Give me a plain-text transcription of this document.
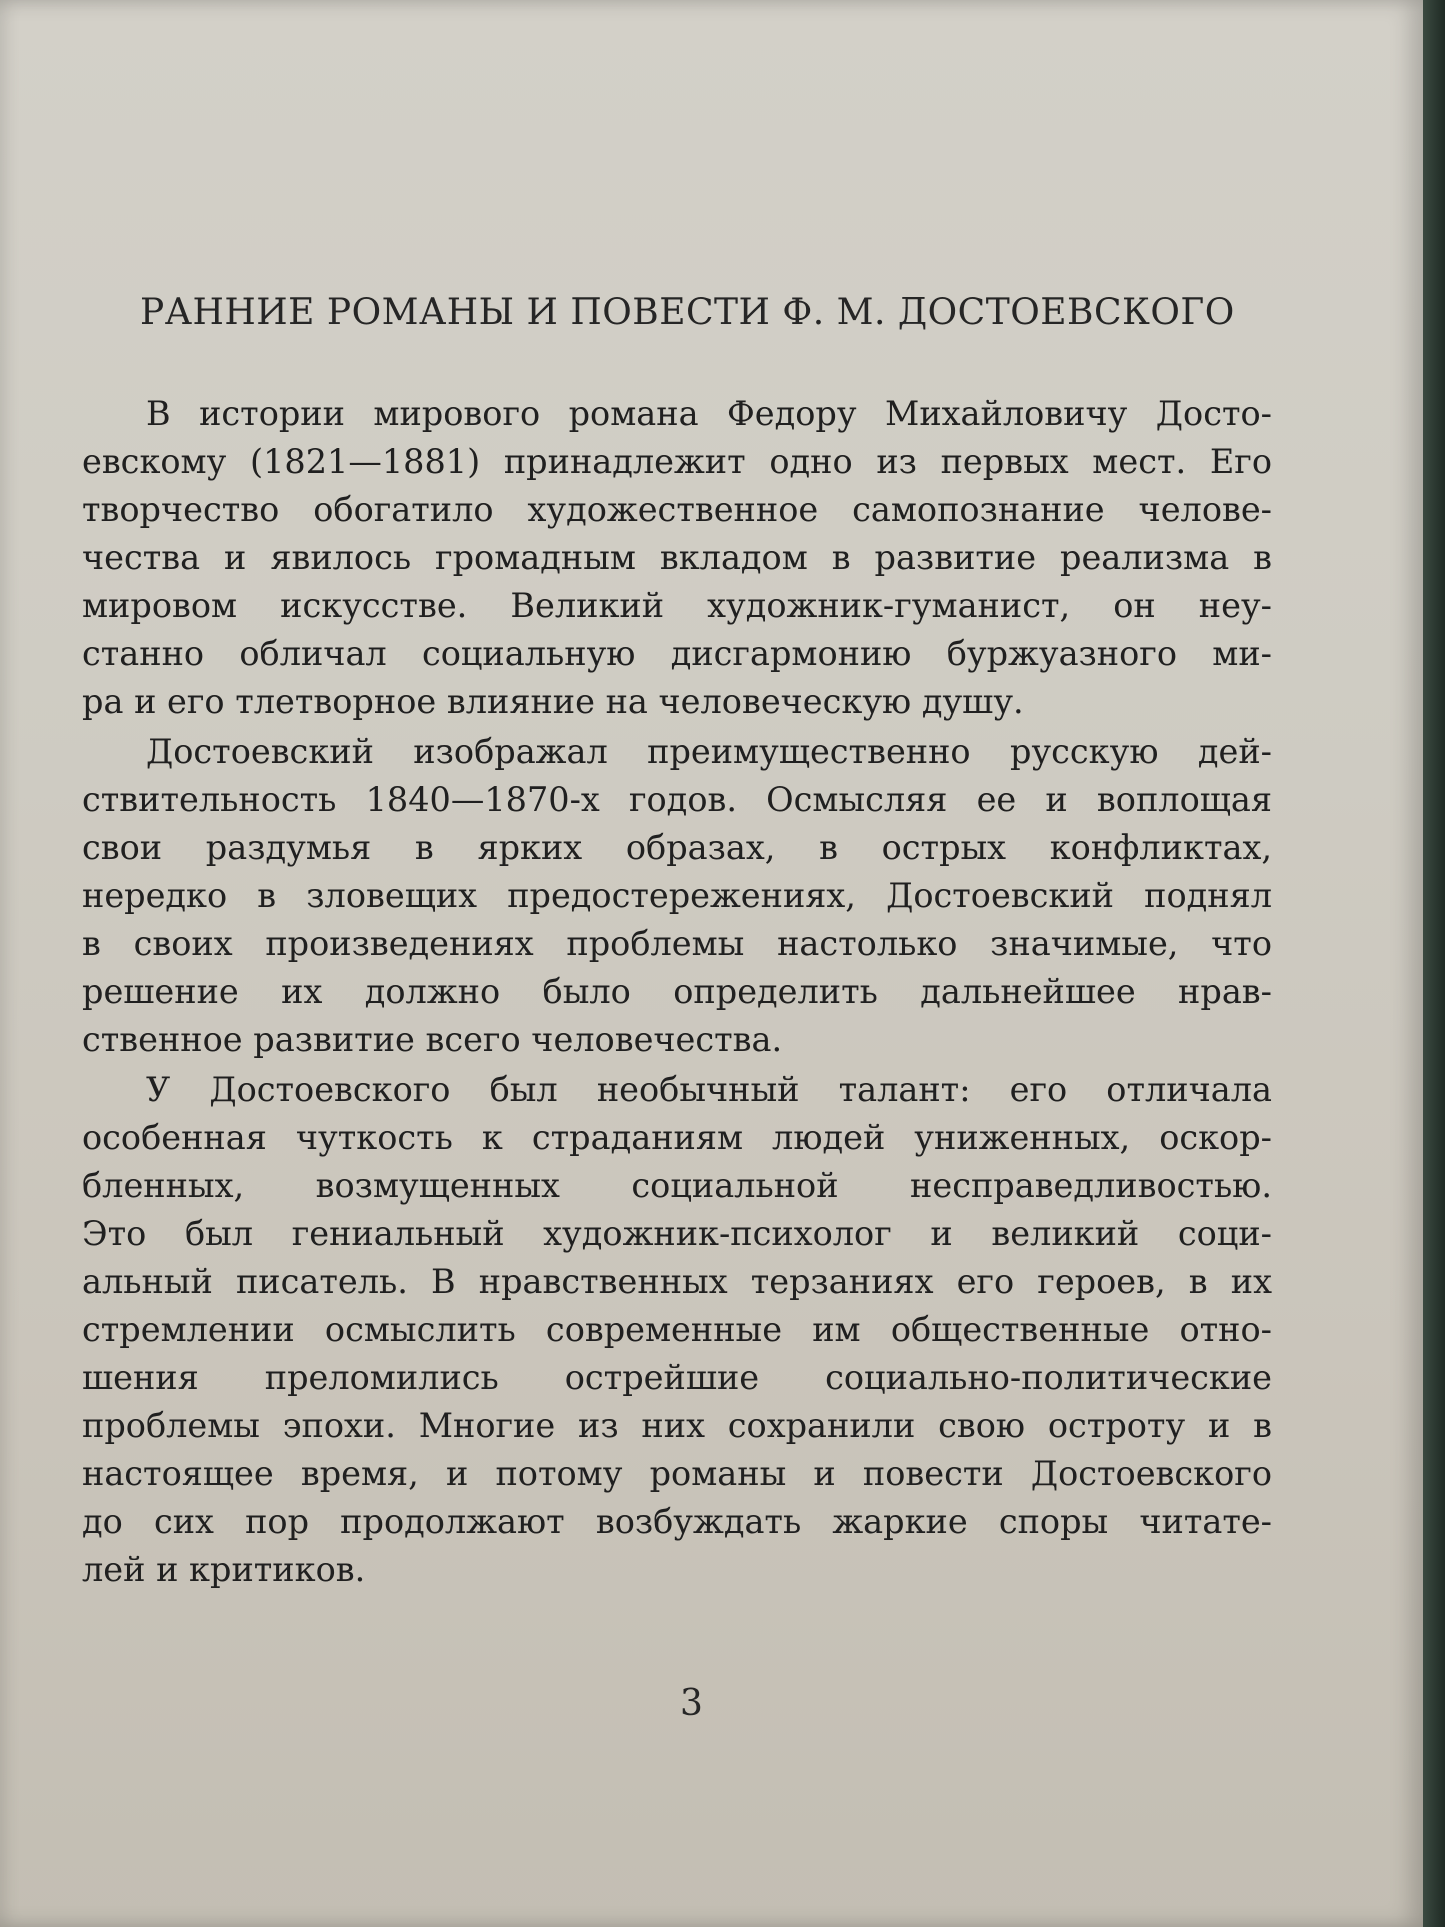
РАННИЕ РОМАНЫ И ПОВЕСТИ Ф. М. ДОСТОЕВСКОГО
В истории мирового романа Федору Михайловичу Досто-
евскому (1821—1881) принадлежит одно из первых мест. Его
творчество обогатило художественное самопознание челове-
чества и явилось громадным вкладом в развитие реализма в
мировом искусстве. Великий художник-гуманист, он неу-
станно обличал социальную дисгармонию буржуазного ми-
ра и его тлетворное влияние на человеческую душу.
Достоевский изображал преимущественно русскую дей-
ствительность 1840—1870-х годов. Осмысляя ее и воплощая
свои раздумья в ярких образах, в острых конфликтах,
нередко в зловещих предостережениях, Достоевский поднял
в своих произведениях проблемы настолько значимые, что
решение их должно было определить дальнейшее нрав-
ственное развитие всего человечества.
У Достоевского был необычный талант: его отличала
особенная чуткость к страданиям людей униженных, оскор-
бленных, возмущенных социальной несправедливостью.
Это был гениальный художник-психолог и великий соци-
альный писатель. В нравственных терзаниях его героев, в их
стремлении осмыслить современные им общественные отно-
шения преломились острейшие социально-политические
проблемы эпохи. Многие из них сохранили свою остроту и в
настоящее время, и потому романы и повести Достоевского
до сих пор продолжают возбуждать жаркие споры читате-
лей и критиков.
3
